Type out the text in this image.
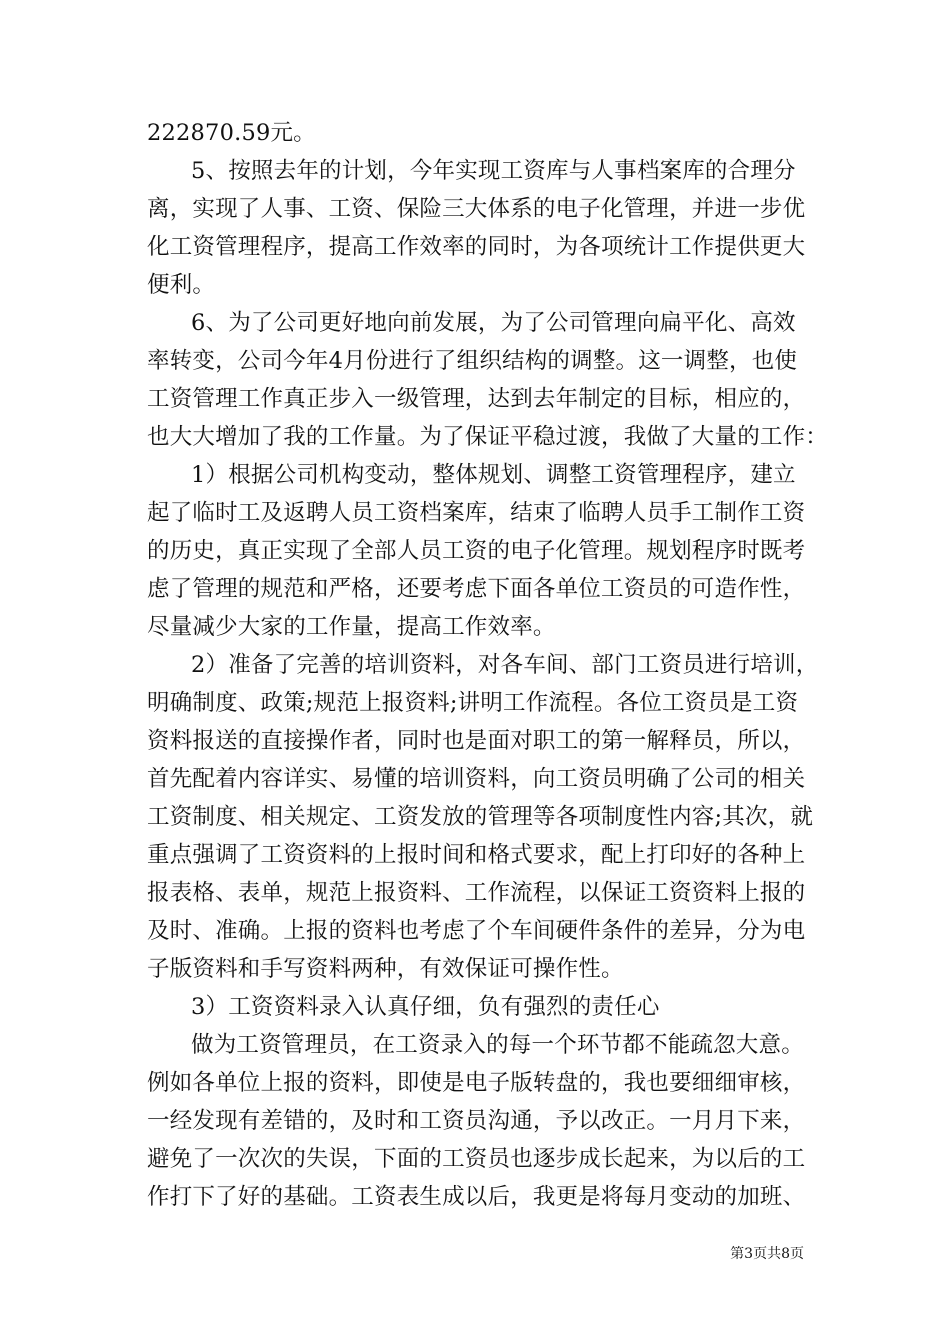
222870.59元。
5、按照去年的计划，今年实现工资库与人事档案库的合理分
离，实现了人事、工资、保险三大体系的电子化管理，并进一步优
化工资管理程序，提高工作效率的同时，为各项统计工作提供更大
便利。
6、为了公司更好地向前发展，为了公司管理向扁平化、高效
率转变，公司今年4月份进行了组织结构的调整。这一调整，也使
工资管理工作真正步入一级管理，达到去年制定的目标，相应的，
也大大增加了我的工作量。为了保证平稳过渡，我做了大量的工作：
1）根据公司机构变动，整体规划、调整工资管理程序，建立
起了临时工及返聘人员工资档案库，结束了临聘人员手工制作工资
的历史，真正实现了全部人员工资的电子化管理。规划程序时既考
虑了管理的规范和严格，还要考虑下面各单位工资员的可造作性，
尽量减少大家的工作量，提高工作效率。
2）准备了完善的培训资料，对各车间、部门工资员进行培训，
明确制度、政策;规范上报资料;讲明工作流程。各位工资员是工资
资料报送的直接操作者，同时也是面对职工的第一解释员，所以，
首先配着内容详实、易懂的培训资料，向工资员明确了公司的相关
工资制度、相关规定、工资发放的管理等各项制度性内容;其次，就
重点强调了工资资料的上报时间和格式要求，配上打印好的各种上
报表格、表单，规范上报资料、工作流程，以保证工资资料上报的
及时、准确。上报的资料也考虑了个车间硬件条件的差异，分为电
子版资料和手写资料两种，有效保证可操作性。
3）工资资料录入认真仔细，负有强烈的责任心
做为工资管理员，在工资录入的每一个环节都不能疏忽大意。
例如各单位上报的资料，即使是电子版转盘的，我也要细细审核，
一经发现有差错的，及时和工资员沟通，予以改正。一月月下来，
避免了一次次的失误，下面的工资员也逐步成长起来，为以后的工
作打下了好的基础。工资表生成以后，我更是将每月变动的加班、
第3页共8页
